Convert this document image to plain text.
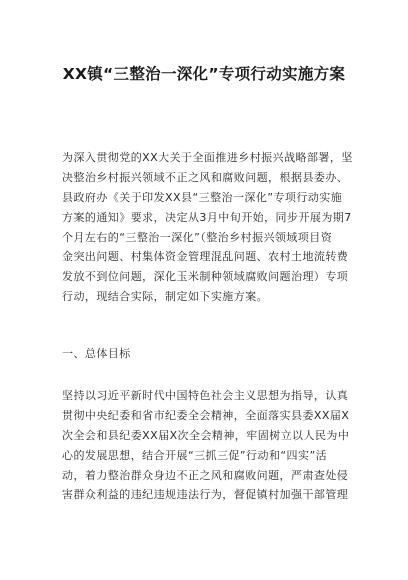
XX镇“三整治一深化”专项行动实施方案
为深入贯彻党的XX大关于全面推进乡村振兴战略部署，坚
决整治乡村振兴领域不正之风和腐败问题，根据县委办、
县政府办《关于印发XX县“三整治一深化”专项行动实施
方案的通知》要求，决定从3月中旬开始，同步开展为期7
个月左右的“三整治一深化”（整治乡村振兴领域项目资
金突出问题、村集体资金管理混乱问题、农村土地流转费
发放不到位问题，深化玉米制种领域腐败问题治理）专项
行动，现结合实际，制定如下实施方案。
一、总体目标
坚持以习近平新时代中国特色社会主义思想为指导，认真
贯彻中央纪委和省市纪委全会精神，全面落实县委XX届X
次全会和县纪委XX届X次全会精神，牢固树立以人民为中
心的发展思想，结合开展“三抓三促”行动和“四实”活
动，着力整治群众身边不正之风和腐败问题，严肃查处侵
害群众利益的违纪违规违法行为，督促镇村加强干部管理
